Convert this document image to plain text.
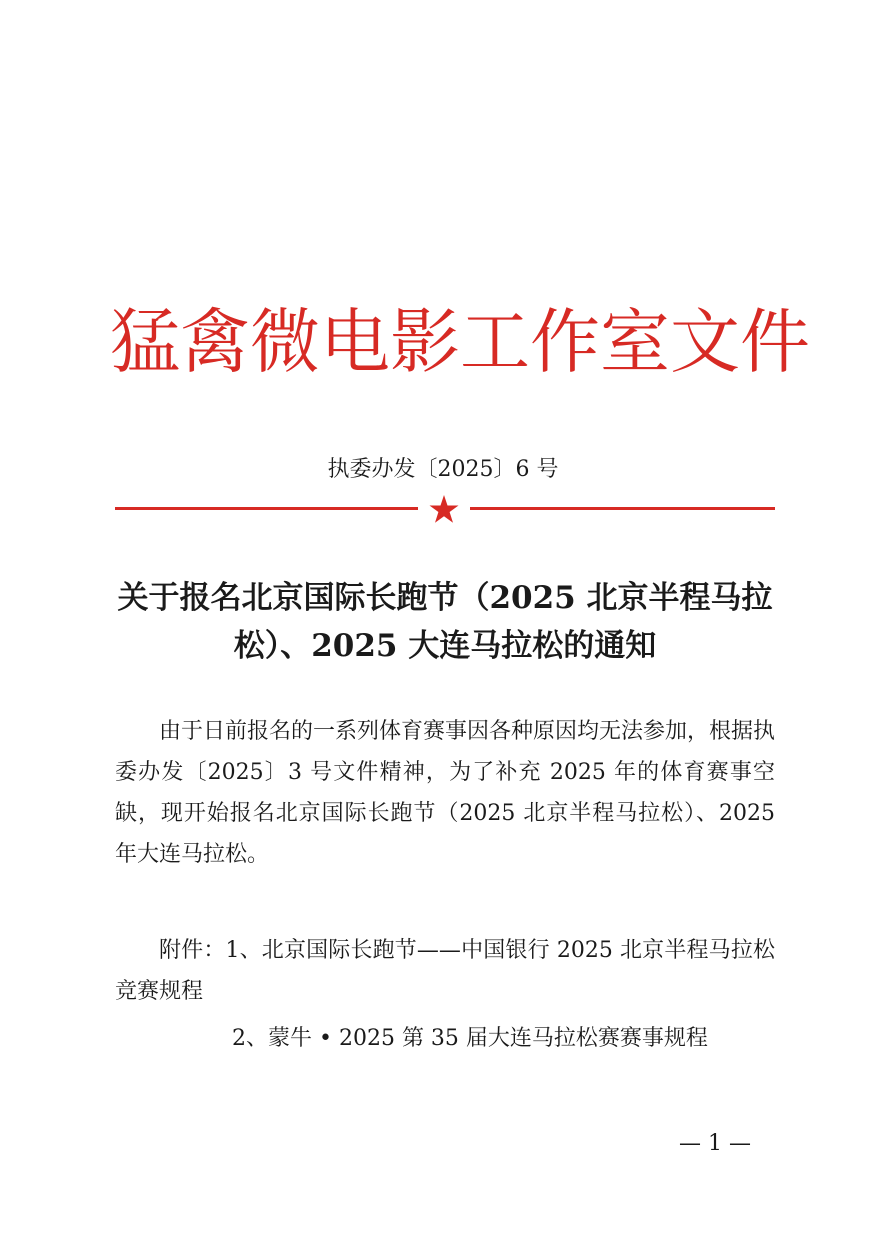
猛禽微电影工作室文件
执委办发〔2025〕6 号
关于报名北京国际长跑节（2025 北京半程马拉松）、2025 大连马拉松的通知
由于日前报名的一系列体育赛事因各种原因均无法参加，根据执委办发〔2025〕3 号文件精神，为了补充 2025 年的体育赛事空缺，现开始报名北京国际长跑节（2025 北京半程马拉松）、2025 年大连马拉松。
附件：1、北京国际长跑节——中国银行 2025 北京半程马拉松竞赛规程
2、蒙牛 • 2025 第 35 届大连马拉松赛赛事规程
— 1 —
